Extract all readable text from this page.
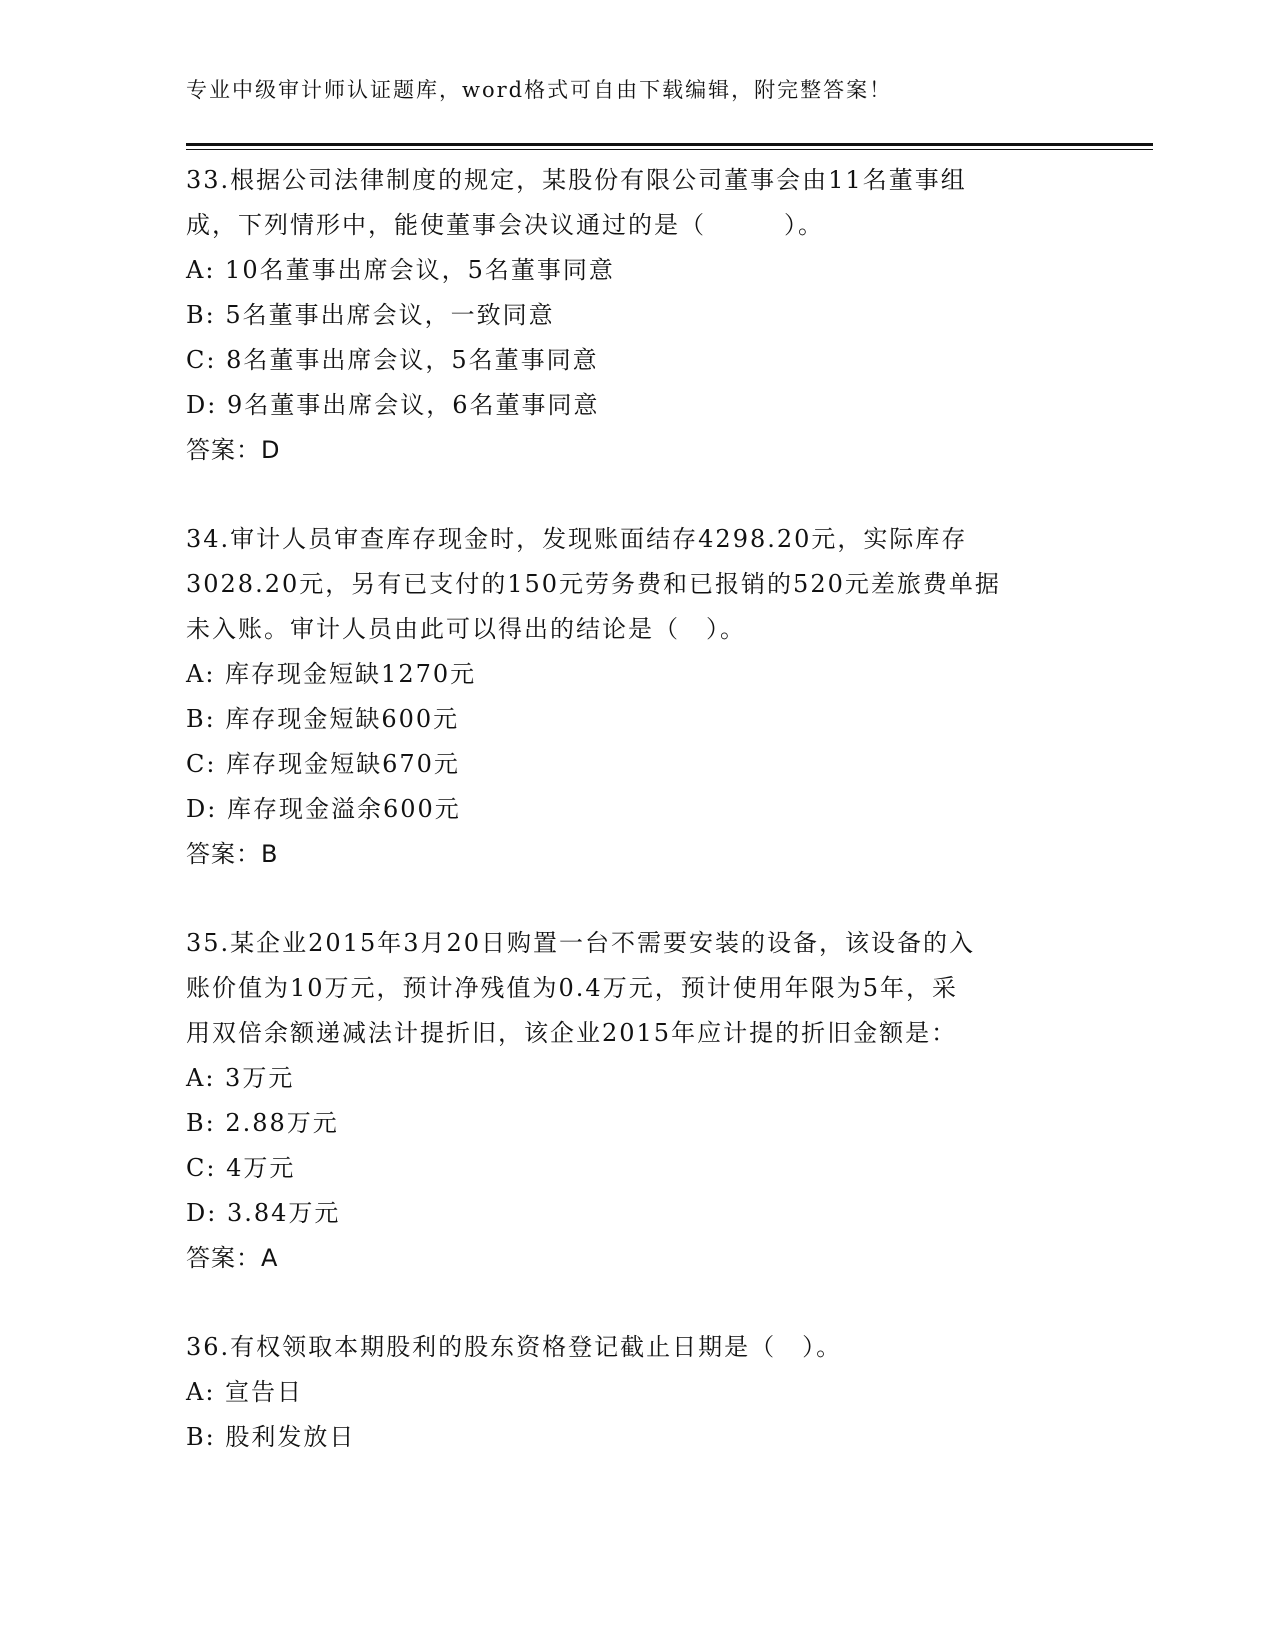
专业中级审计师认证题库，word格式可自由下载编辑，附完整答案！
33.根据公司法律制度的规定，某股份有限公司董事会由11名董事组
成，下列情形中，能使董事会决议通过的是（　　　）。
A: 10名董事出席会议，5名董事同意
B: 5名董事出席会议，一致同意
C: 8名董事出席会议，5名董事同意
D: 9名董事出席会议，6名董事同意
答案：D
34.审计人员审查库存现金时，发现账面结存4298.20元，实际库存
3028.20元，另有已支付的150元劳务费和已报销的520元差旅费单据
未入账。审计人员由此可以得出的结论是（　）。
A: 库存现金短缺1270元
B: 库存现金短缺600元
C: 库存现金短缺670元
D: 库存现金溢余600元
答案：B
35.某企业2015年3月20日购置一台不需要安装的设备，该设备的入
账价值为10万元，预计净残值为0.4万元，预计使用年限为5年，采
用双倍余额递减法计提折旧，该企业2015年应计提的折旧金额是：
A: 3万元
B: 2.88万元
C: 4万元
D: 3.84万元
答案：A
36.有权领取本期股利的股东资格登记截止日期是（　）。
A: 宣告日
B: 股利发放日
